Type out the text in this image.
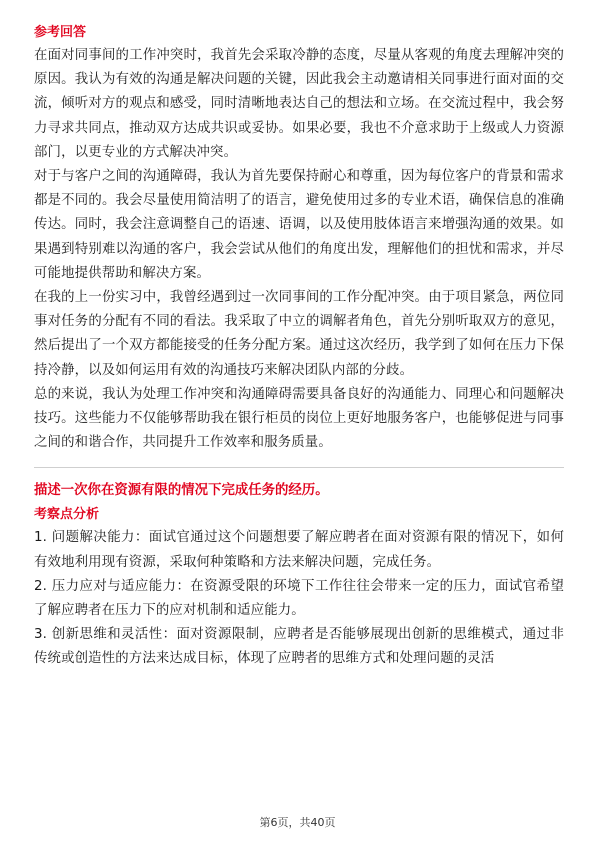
参考回答

在面对同事间的工作冲突时，我首先会采取冷静的态度，尽量从客观的角度去理解冲突的原因。我认为有效的沟通是解决问题的关键，因此我会主动邀请相关同事进行面对面的交流，倾听对方的观点和感受，同时清晰地表达自己的想法和立场。在交流过程中，我会努力寻求共同点，推动双方达成共识或妥协。如果必要，我也不介意求助于上级或人力资源部门，以更专业的方式解决冲突。

对于与客户之间的沟通障碍，我认为首先要保持耐心和尊重，因为每位客户的背景和需求都是不同的。我会尽量使用简洁明了的语言，避免使用过多的专业术语，确保信息的准确传达。同时，我会注意调整自己的语速、语调，以及使用肢体语言来增强沟通的效果。如果遇到特别难以沟通的客户，我会尝试从他们的角度出发，理解他们的担忧和需求，并尽可能地提供帮助和解决方案。

在我的上一份实习中，我曾经遇到过一次同事间的工作分配冲突。由于项目紧急，两位同事对任务的分配有不同的看法。我采取了中立的调解者角色，首先分别听取双方的意见，然后提出了一个双方都能接受的任务分配方案。通过这次经历，我学到了如何在压力下保持冷静，以及如何运用有效的沟通技巧来解决团队内部的分歧。

总的来说，我认为处理工作冲突和沟通障碍需要具备良好的沟通能力、同理心和问题解决技巧。这些能力不仅能够帮助我在银行柜员的岗位上更好地服务客户，也能够促进与同事之间的和谐合作，共同提升工作效率和服务质量。

描述一次你在资源有限的情况下完成任务的经历。

考察点分析

1. 问题解决能力：面试官通过这个问题想要了解应聘者在面对资源有限的情况下，如何有效地利用现有资源，采取何种策略和方法来解决问题，完成任务。

2. 压力应对与适应能力：在资源受限的环境下工作往往会带来一定的压力，面试官希望了解应聘者在压力下的应对机制和适应能力。

3. 创新思维和灵活性：面对资源限制，应聘者是否能够展现出创新的思维模式，通过非传统或创造性的方法来达成目标，体现了应聘者的思维方式和处理问题的灵活

第6页，共40页
